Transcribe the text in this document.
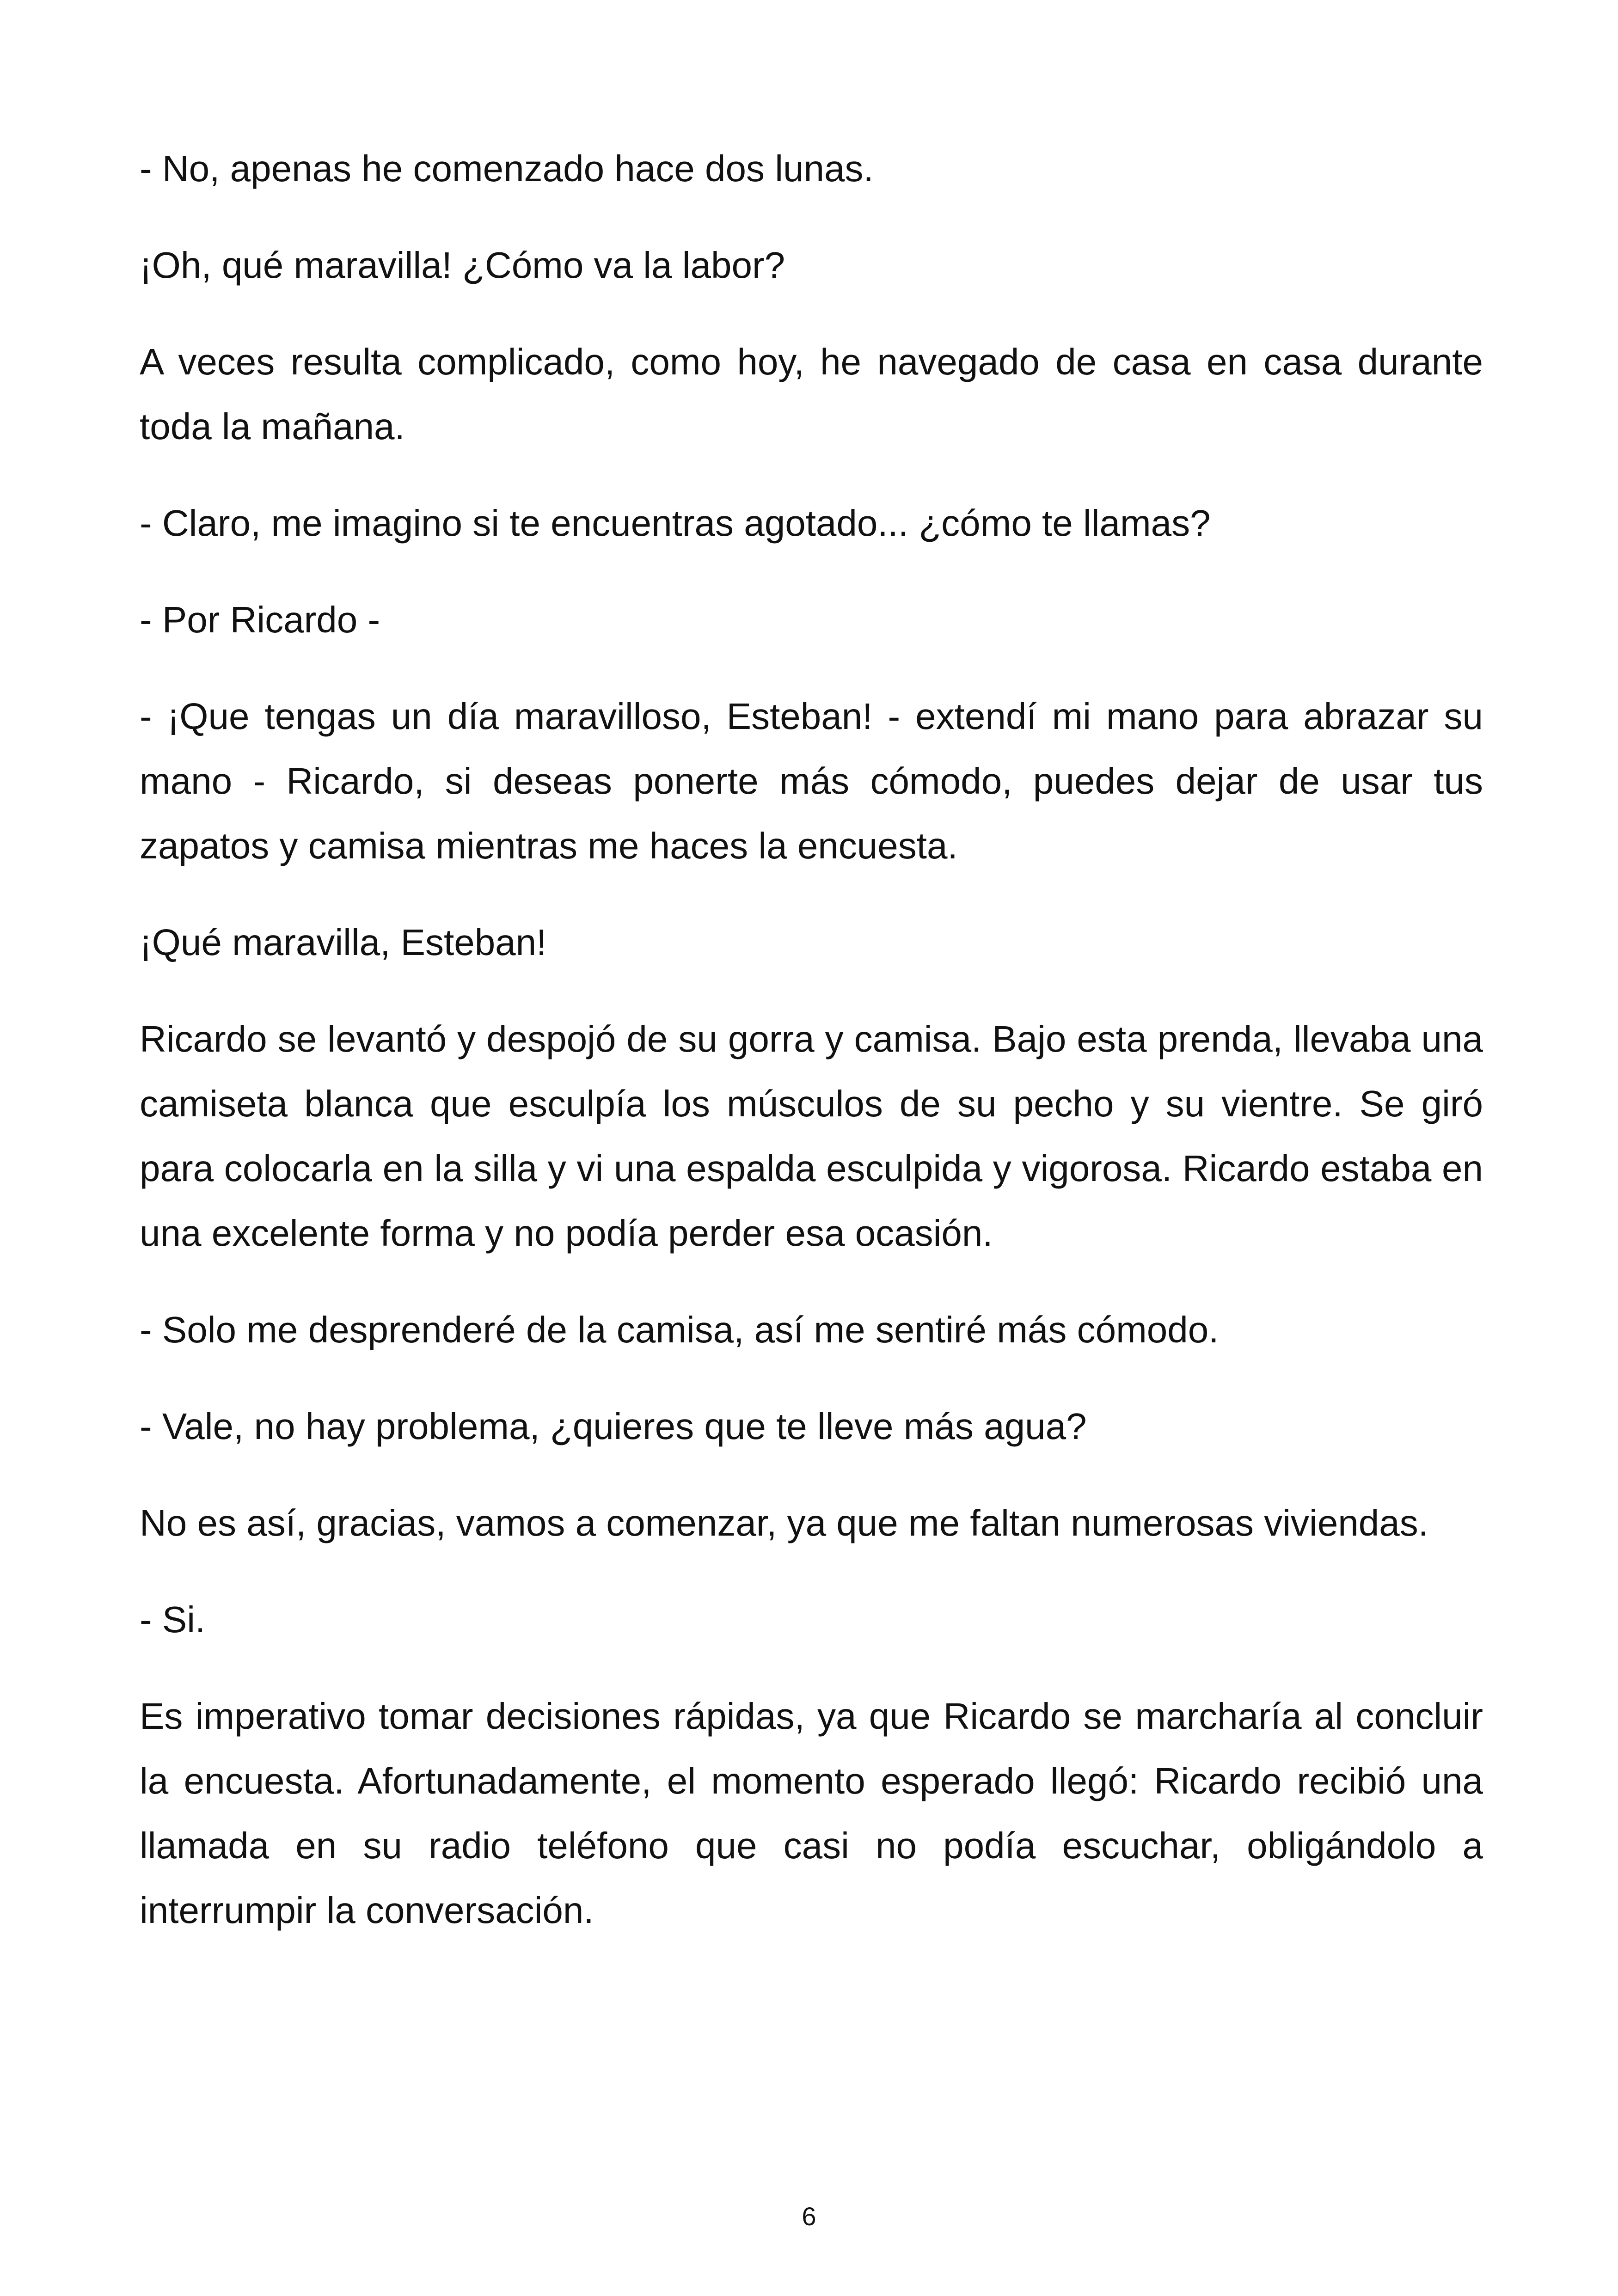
- No, apenas he comenzado hace dos lunas.

¡Oh, qué maravilla! ¿Cómo va la labor?

A veces resulta complicado, como hoy, he navegado de casa en casa durante toda la mañana.

- Claro, me imagino si te encuentras agotado... ¿cómo te llamas?

- Por Ricardo -

- ¡Que tengas un día maravilloso, Esteban! - extendí mi mano para abrazar su mano - Ricardo, si deseas ponerte más cómodo, puedes dejar de usar tus zapatos y camisa mientras me haces la encuesta.

¡Qué maravilla, Esteban!

Ricardo se levantó y despojó de su gorra y camisa. Bajo esta prenda, llevaba una camiseta blanca que esculpía los músculos de su pecho y su vientre. Se giró para colocarla en la silla y vi una espalda esculpida y vigorosa. Ricardo estaba en una excelente forma y no podía perder esa ocasión.

- Solo me desprenderé de la camisa, así me sentiré más cómodo.

- Vale, no hay problema, ¿quieres que te lleve más agua?

No es así, gracias, vamos a comenzar, ya que me faltan numerosas viviendas.

- Si.

Es imperativo tomar decisiones rápidas, ya que Ricardo se marcharía al concluir la encuesta. Afortunadamente, el momento esperado llegó: Ricardo recibió una llamada en su radio teléfono que casi no podía escuchar, obligándolo a interrumpir la conversación.

6
